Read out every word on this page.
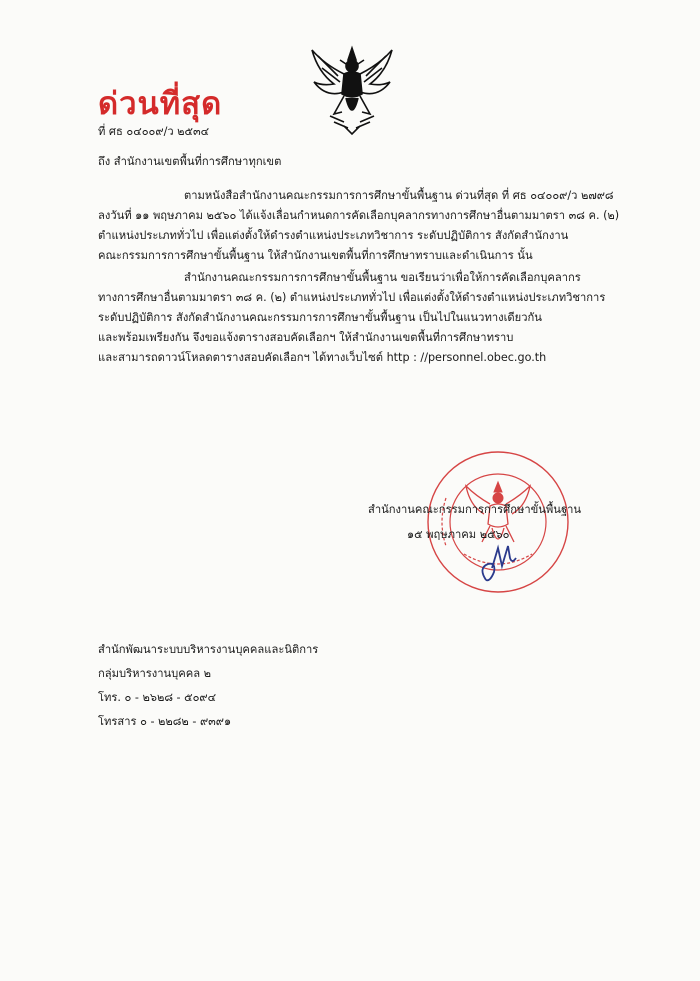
ด่วนที่สุด
ที่ ศธ ๐๔๐๐๙/ว ๒๕๓๔
ถึง สำนักงานเขตพื้นที่การศึกษาทุกเขต
ตามหนังสือสำนักงานคณะกรรมการการศึกษาขั้นพื้นฐาน ด่วนที่สุด ที่ ศธ ๐๔๐๐๙/ว ๒๗๙๘
ลงวันที่ ๑๑ พฤษภาคม ๒๕๖๐ ได้แจ้งเลื่อนกำหนดการคัดเลือกบุคลากรทางการศึกษาอื่นตามมาตรา ๓๘ ค. (๒)
ตำแหน่งประเภททั่วไป เพื่อแต่งตั้งให้ดำรงตำแหน่งประเภทวิชาการ ระดับปฏิบัติการ สังกัดสำนักงาน
คณะกรรมการการศึกษาขั้นพื้นฐาน ให้สำนักงานเขตพื้นที่การศึกษาทราบและดำเนินการ นั้น
สำนักงานคณะกรรมการการศึกษาขั้นพื้นฐาน ขอเรียนว่าเพื่อให้การคัดเลือกบุคลากร
ทางการศึกษาอื่นตามมาตรา ๓๘ ค. (๒) ตำแหน่งประเภททั่วไป เพื่อแต่งตั้งให้ดำรงตำแหน่งประเภทวิชาการ
ระดับปฏิบัติการ สังกัดสำนักงานคณะกรรมการการศึกษาขั้นพื้นฐาน เป็นไปในแนวทางเดียวกัน
และพร้อมเพรียงกัน จึงขอแจ้งตารางสอบคัดเลือกฯ ให้สำนักงานเขตพื้นที่การศึกษาทราบ
และสามารถดาวน์โหลดตารางสอบคัดเลือกฯ ได้ทางเว็บไซต์ http : //personnel.obec.go.th
สำนักงานคณะกรรมการการศึกษาขั้นพื้นฐาน
๑๕ พฤษภาคม ๒๕๖๐
สำนักพัฒนาระบบบริหารงานบุคคลและนิติการ
กลุ่มบริหารงานบุคคล ๒
โทร. ๐ - ๒๖๒๘ - ๕๐๙๔
โทรสาร ๐ - ๒๒๘๒ - ๙๓๙๑
